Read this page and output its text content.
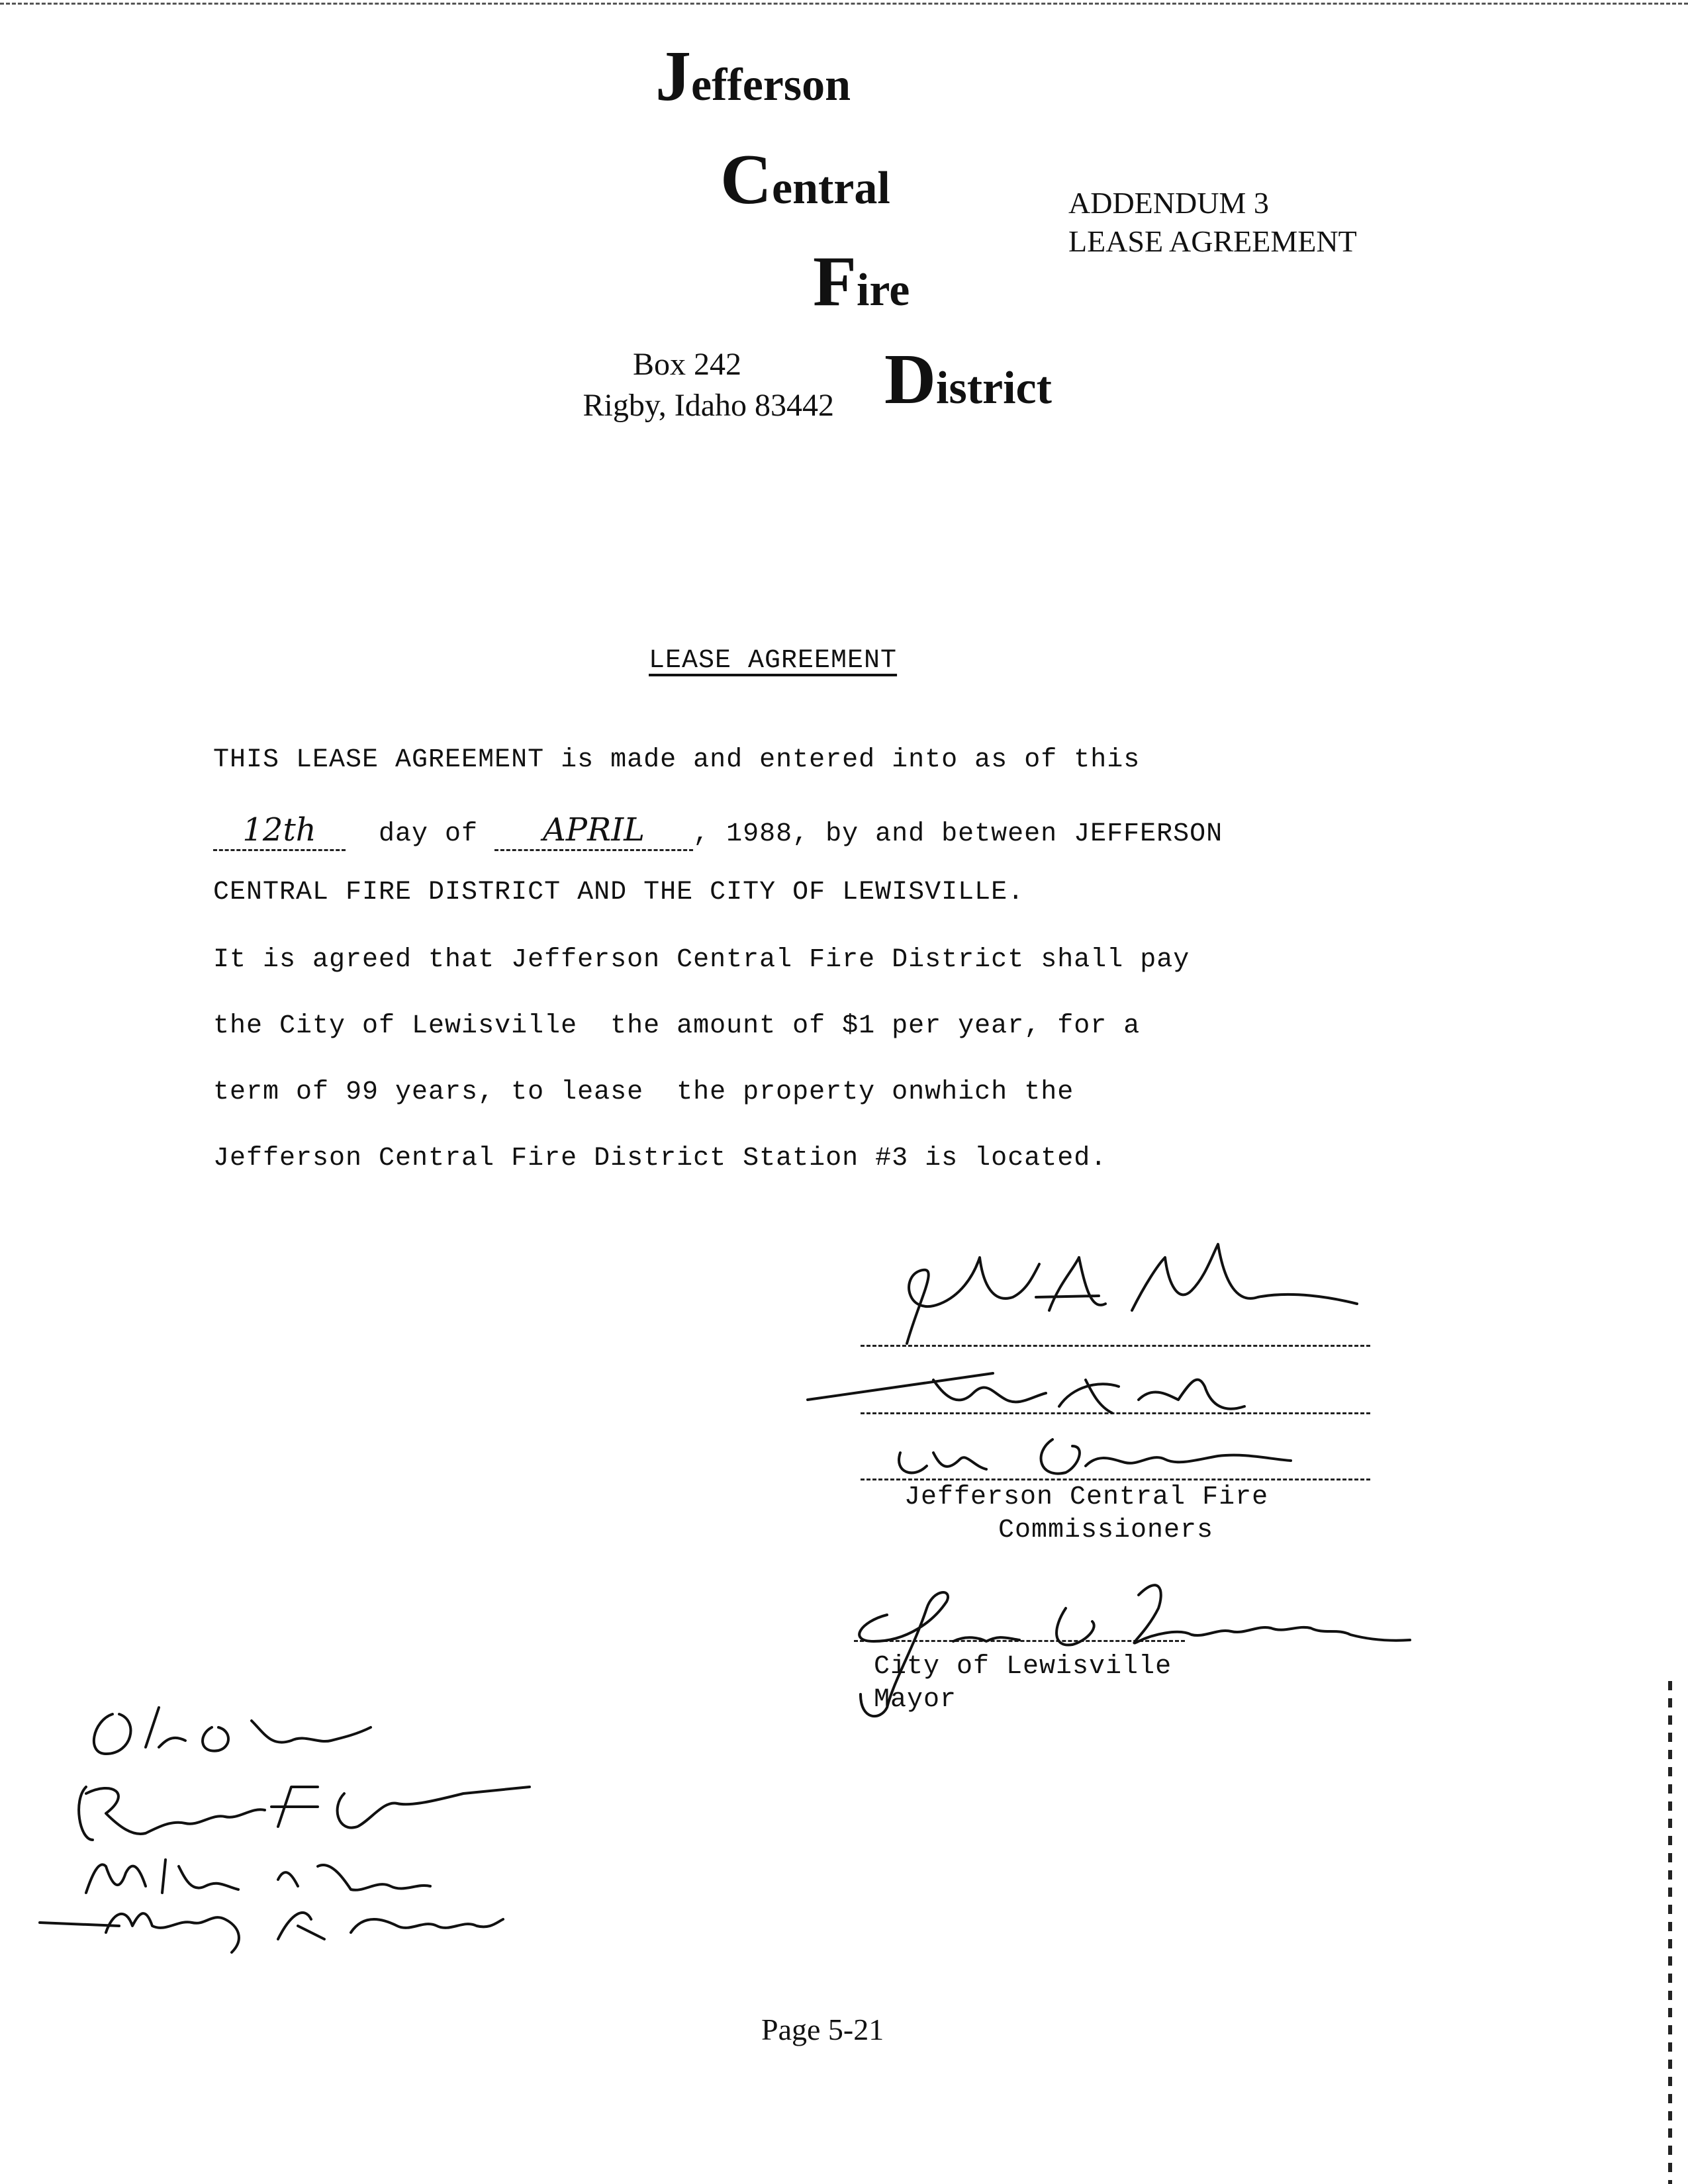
Jefferson
Central
Fire
District
Box 242
Rigby, Idaho 83442
ADDENDUM 3
LEASE AGREEMENT
LEASE AGREEMENT
THIS LEASE AGREEMENT is made and entered into as of this
12th day of APRIL , 1988, by and between JEFFERSON
CENTRAL FIRE DISTRICT AND THE CITY OF LEWISVILLE.
It is agreed that Jefferson Central Fire District shall pay
the City of Lewisville  the amount of $1 per year, for a
term of 99 years, to lease  the property onwhich the
Jefferson Central Fire District Station #3 is located.
Jefferson Central Fire
Commissioners
City of Lewisville
Mayor
Page 5-21
